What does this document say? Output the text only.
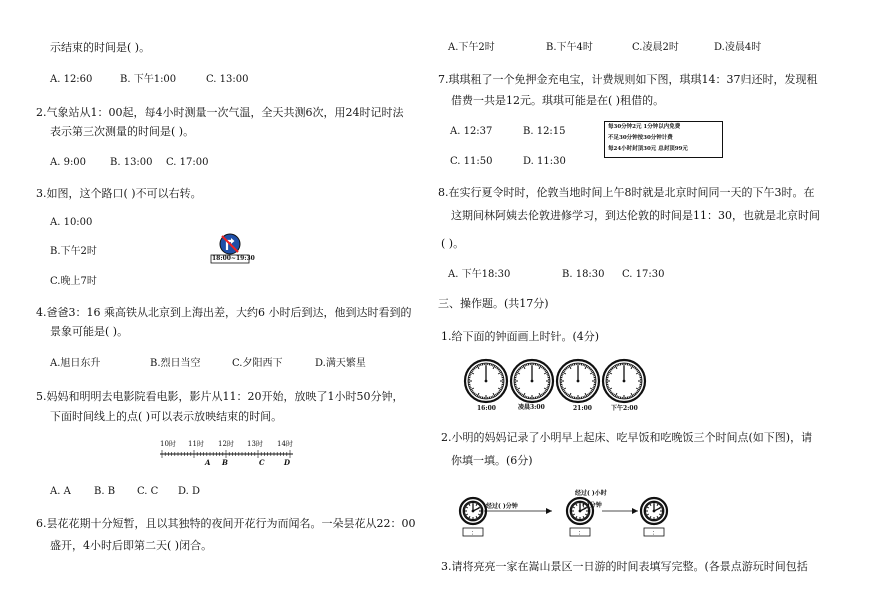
示结束的时间是( )。
A. 12:60	B. 下午1:00	C. 13:00
2.气象站从1：00起，每4小时测量一次气温，全天共测6次，用24时记时法
表示第三次测量的时间是( )。
A. 9:00 B. 13:00 C. 17:00
3.如图，这个路口( )不可以右转。
A. 10:00
B.下午2时
C.晚上7时
18:00~19:30
4.爸爸3：16 乘高铁从北京到上海出差，大约6 小时后到达，他到达时看到的
景象可能是( )。
A.旭日东升	B.烈日当空	C.夕阳西下	D.满天繁星
5.妈妈和明明去电影院看电影，影片从11：20开始，放映了1小时50分钟，
下面时间线上的点( )可以表示放映结束的时间。
10时 11时 12时 13时 14时
A B	C	D
A. A B. B C. C D. D
6.昙花花期十分短暂，且以其独特的夜间开花行为而闻名。一朵昙花从22：00
盛开，4小时后即第二天( )闭合。
A.下午2时	B.下午4时	C.凌晨2时	D.凌晨4时
7.琪琪租了一个免押金充电宝，计费规则如下图，琪琪14：37归还时，发现租
借费一共是12元。琪琪可能是在( )租借的。
A. 12:37	B. 12:15
C. 11:50	D. 11:30
每30分钟2元 1分钟以内免费
不足30分钟按30分钟计费
每24小时封顶30元 总封顶99元
8.在实行夏令时时，伦敦当地时间上午8时就是北京时间同一天的下午3时。在
这期间林阿姨去伦敦进修学习，到达伦敦的时间是11：30，也就是北京时间
( )。
A. 下午18:30	B. 18:30 C. 17:30
三、操作题。(共17分)
1.给下面的钟面画上时针。(4分)
16:00	凌晨3:00	21:00	下午2:00
2.小明的妈妈记录了小明早上起床、吃早饭和吃晚饭三个时间点(如下图)，请
你填一填。(6分)
:	:	:
经过( )分钟
经过( )小时
( )分钟
3.请将亮亮一家在嵩山景区一日游的时间表填写完整。(各景点游玩时间包括
